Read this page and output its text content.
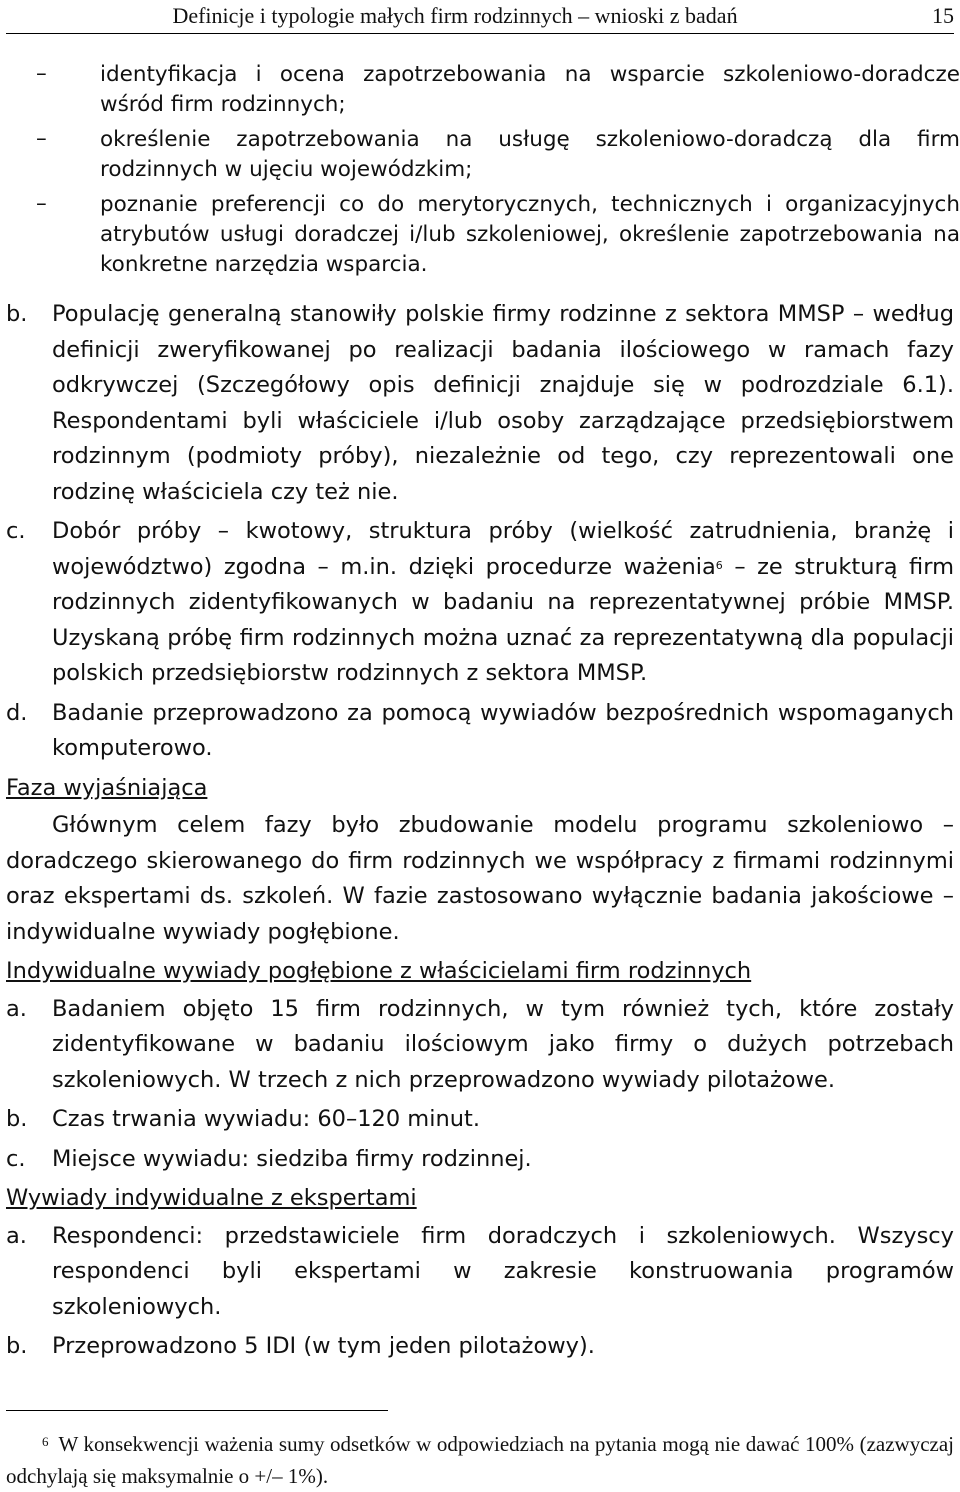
Definicje i typologie małych firm rodzinnych – wnioski z badań	15
– identyfikacja i ocena zapotrzebowania na wsparcie szkoleniowo-doradcze wśród firm rodzinnych;
– określenie zapotrzebowania na usługę szkoleniowo-doradczą dla firm rodzinnych w ujęciu wojewódzkim;
– poznanie preferencji co do merytorycznych, technicznych i organizacyjnych atrybutów usługi doradczej i/lub szkoleniowej, określenie zapotrzebowania na konkretne narzędzia wsparcia.
b. Populację generalną stanowiły polskie firmy rodzinne z sektora MMSP – według definicji zweryfikowanej po realizacji badania ilościowego w ramach fazy odkrywczej (Szczegółowy opis definicji znajduje się w podrozdziale 6.1). Respondentami byli właściciele i/lub osoby zarządzające przedsiębiorstwem rodzinnym (podmioty próby), niezależnie od tego, czy reprezentowali one rodzinę właściciela czy też nie.
c. Dobór próby – kwotowy, struktura próby (wielkość zatrudnienia, branżę i województwo) zgodna – m.in. dzięki procedurze ważenia$^6$ – ze strukturą firm rodzinnych zidentyfikowanych w badaniu na reprezentatywnej próbie MMSP. Uzyskaną próbę firm rodzinnych można uznać za reprezentatywną dla populacji polskich przedsiębiorstw rodzinnych z sektora MMSP.
d. Badanie przeprowadzono za pomocą wywiadów bezpośrednich wspomaganych komputerowo.
Faza wyjaśniająca
Głównym celem fazy było zbudowanie modelu programu szkoleniowo – doradczego skierowanego do firm rodzinnych we współpracy z firmami rodzinnymi oraz ekspertami ds. szkoleń. W fazie zastosowano wyłącznie badania jakościowe – indywidualne wywiady pogłębione.
Indywidualne wywiady pogłębione z właścicielami firm rodzinnych
a. Badaniem objęto 15 firm rodzinnych, w tym również tych, które zostały zidentyfikowane w badaniu ilościowym jako firmy o dużych potrzebach szkoleniowych. W trzech z nich przeprowadzono wywiady pilotażowe.
b. Czas trwania wywiadu: 60–120 minut.
c. Miejsce wywiadu: siedziba firmy rodzinnej.
Wywiady indywidualne z ekspertami
a. Respondenci: przedstawiciele firm doradczych i szkoleniowych. Wszyscy respondenci byli ekspertami w zakresie konstruowania programów szkoleniowych.
b. Przeprowadzono 5 IDI (w tym jeden pilotażowy).
$^6$ W konsekwencji ważenia sumy odsetków w odpowiedziach na pytania mogą nie dawać 100% (zazwyczaj odchylają się maksymalnie o +/– 1%).
